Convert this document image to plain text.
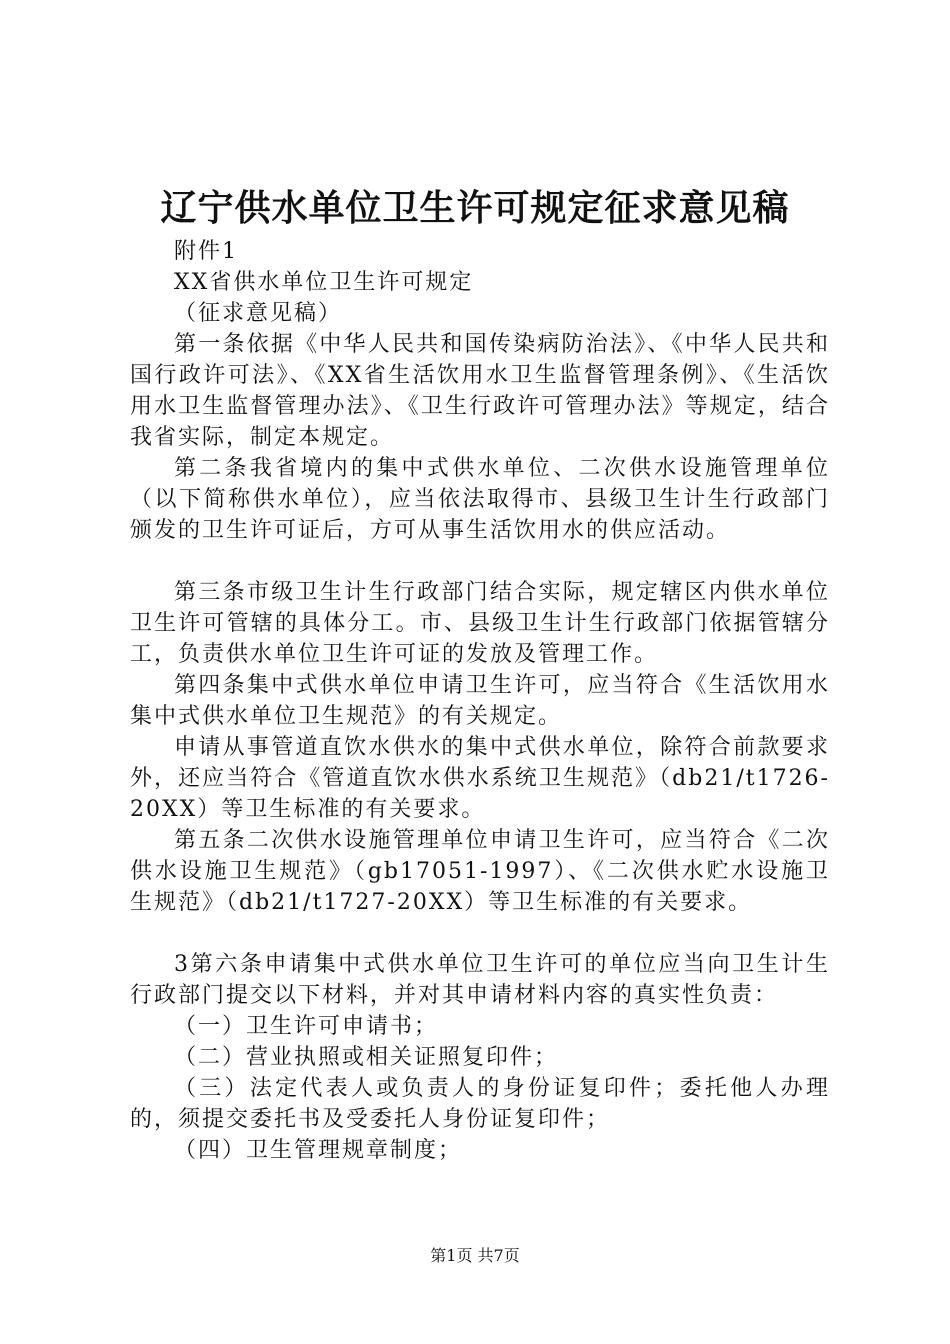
辽宁供水单位卫生许可规定征求意见稿

附件1

XX省供水单位卫生许可规定

（征求意见稿）

第一条依据《中华人民共和国传染病防治法》、《中华人民共和国行政许可法》、《XX省生活饮用水卫生监督管理条例》、《生活饮用水卫生监督管理办法》、《卫生行政许可管理办法》等规定，结合我省实际，制定本规定。

第二条我省境内的集中式供水单位、二次供水设施管理单位（以下简称供水单位），应当依法取得市、县级卫生计生行政部门颁发的卫生许可证后，方可从事生活饮用水的供应活动。

第三条市级卫生计生行政部门结合实际，规定辖区内供水单位卫生许可管辖的具体分工。市、县级卫生计生行政部门依据管辖分工，负责供水单位卫生许可证的发放及管理工作。

第四条集中式供水单位申请卫生许可，应当符合《生活饮用水集中式供水单位卫生规范》的有关规定。

申请从事管道直饮水供水的集中式供水单位，除符合前款要求外，还应当符合《管道直饮水供水系统卫生规范》（db21/t1726-20XX）等卫生标准的有关要求。

第五条二次供水设施管理单位申请卫生许可，应当符合《二次供水设施卫生规范》（gb17051-1997）、《二次供水贮水设施卫生规范》（db21/t1727-20XX）等卫生标准的有关要求。

3第六条申请集中式供水单位卫生许可的单位应当向卫生计生行政部门提交以下材料，并对其申请材料内容的真实性负责：

（一）卫生许可申请书；

（二）营业执照或相关证照复印件；

（三）法定代表人或负责人的身份证复印件；委托他人办理的，须提交委托书及受委托人身份证复印件；

（四）卫生管理规章制度；

第1页 共7页
